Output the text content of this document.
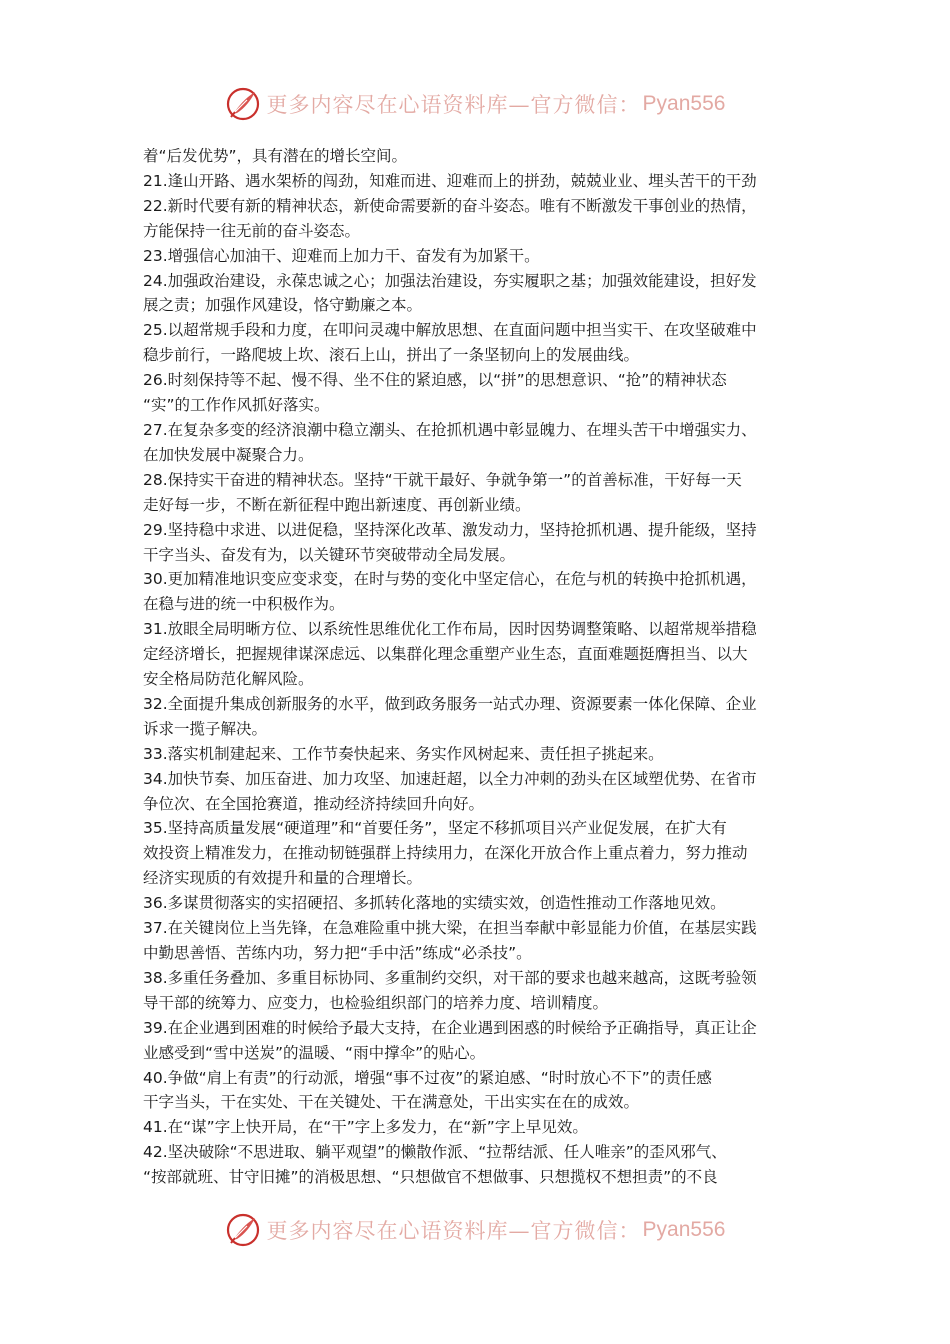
更多内容尽在心语资料库—官方微信： Pyan556

着“后发优势”，具有潜在的增长空间。

21.逢山开路、遇水架桥的闯劲，知难而进、迎难而上的拼劲，兢兢业业、埋头苦干的干劲

22.新时代要有新的精神状态，新使命需要新的奋斗姿态。唯有不断激发干事创业的热情，

方能保持一往无前的奋斗姿态。

23.增强信心加油干、迎难而上加力干、奋发有为加紧干。

24.加强政治建设，永葆忠诚之心；加强法治建设，夯实履职之基；加强效能建设，担好发

展之责；加强作风建设，恪守勤廉之本。

25.以超常规手段和力度，在叩问灵魂中解放思想、在直面问题中担当实干、在攻坚破难中

稳步前行，一路爬坡上坎、滚石上山，拼出了一条坚韧向上的发展曲线。

26.时刻保持等不起、慢不得、坐不住的紧迫感，以“拼”的思想意识、“抢”的精神状态

“实”的工作作风抓好落实。

27.在复杂多变的经济浪潮中稳立潮头、在抢抓机遇中彰显魄力、在埋头苦干中增强实力、

在加快发展中凝聚合力。

28.保持实干奋进的精神状态。坚持“干就干最好、争就争第一”的首善标准，干好每一天

走好每一步，不断在新征程中跑出新速度、再创新业绩。

29.坚持稳中求进、以进促稳，坚持深化改革、激发动力，坚持抢抓机遇、提升能级，坚持

干字当头、奋发有为，以关键环节突破带动全局发展。

30.更加精准地识变应变求变，在时与势的变化中坚定信心，在危与机的转换中抢抓机遇，

在稳与进的统一中积极作为。

31.放眼全局明晰方位、以系统性思维优化工作布局，因时因势调整策略、以超常规举措稳

定经济增长，把握规律谋深虑远、以集群化理念重塑产业生态，直面难题挺膺担当、以大

安全格局防范化解风险。

32.全面提升集成创新服务的水平，做到政务服务一站式办理、资源要素一体化保障、企业

诉求一揽子解决。

33.落实机制建起来、工作节奏快起来、务实作风树起来、责任担子挑起来。

34.加快节奏、加压奋进、加力攻坚、加速赶超，以全力冲刺的劲头在区域塑优势、在省市

争位次、在全国抢赛道，推动经济持续回升向好。

35.坚持高质量发展“硬道理”和“首要任务”，坚定不移抓项目兴产业促发展，在扩大有

效投资上精准发力，在推动韧链强群上持续用力，在深化开放合作上重点着力，努力推动

经济实现质的有效提升和量的合理增长。

36.多谋贯彻落实的实招硬招、多抓转化落地的实绩实效，创造性推动工作落地见效。

37.在关键岗位上当先锋，在急难险重中挑大梁，在担当奉献中彰显能力价值，在基层实践

中勤思善悟、苦练内功，努力把“手中活”练成“必杀技”。

38.多重任务叠加、多重目标协同、多重制约交织，对干部的要求也越来越高，这既考验领

导干部的统筹力、应变力，也检验组织部门的培养力度、培训精度。

39.在企业遇到困难的时候给予最大支持，在企业遇到困惑的时候给予正确指导，真正让企

业感受到“雪中送炭”的温暖、“雨中撑伞”的贴心。

40.争做“肩上有责”的行动派，增强“事不过夜”的紧迫感、“时时放心不下”的责任感

干字当头，干在实处、干在关键处、干在满意处，干出实实在在的成效。

41.在“谋”字上快开局，在“干”字上多发力，在“新”字上早见效。

42.坚决破除“不思进取、躺平观望”的懒散作派、“拉帮结派、任人唯亲”的歪风邪气、

“按部就班、甘守旧摊”的消极思想、“只想做官不想做事、只想揽权不想担责”的不良

更多内容尽在心语资料库—官方微信： Pyan556
